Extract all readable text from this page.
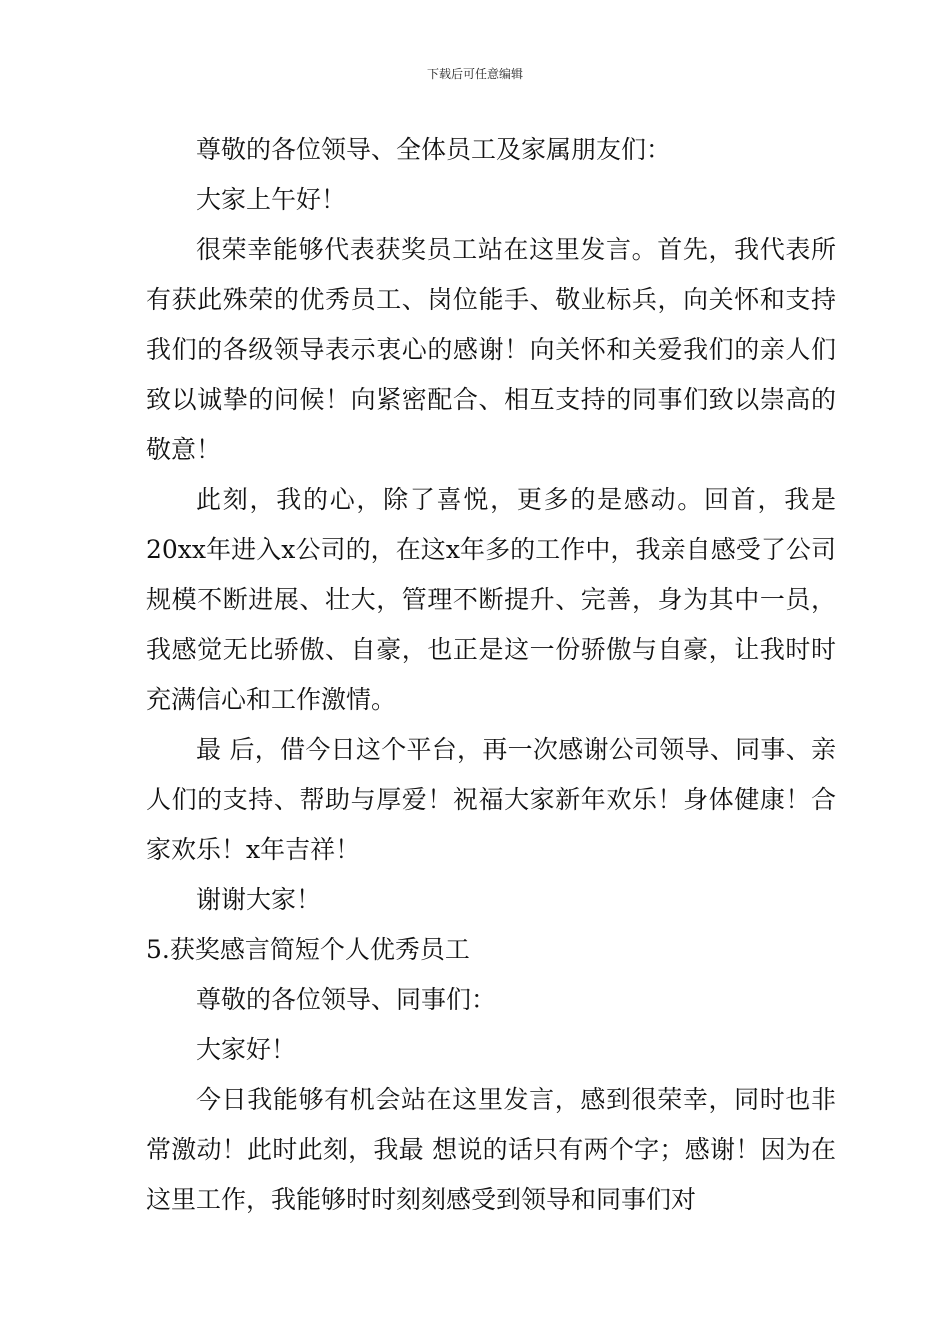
下载后可任意编辑

尊敬的各位领导、全体员工及家属朋友们：

大家上午好！

很荣幸能够代表获奖员工站在这里发言。首先，我代表所有获此殊荣的优秀员工、岗位能手、敬业标兵，向关怀和支持我们的各级领导表示衷心的感谢！向关怀和关爱我们的亲人们致以诚挚的问候！向紧密配合、相互支持的同事们致以崇高的敬意！

此刻，我的心，除了喜悦，更多的是感动。回首，我是20xx年进入x公司的，在这x年多的工作中，我亲自感受了公司规模不断进展、壮大，管理不断提升、完善，身为其中一员，我感觉无比骄傲、自豪，也正是这一份骄傲与自豪，让我时时充满信心和工作激情。

最 后，借今日这个平台，再一次感谢公司领导、同事、亲人们的支持、帮助与厚爱！祝福大家新年欢乐！身体健康！合家欢乐！x年吉祥！

谢谢大家！

5.获奖感言简短个人优秀员工

尊敬的各位领导、同事们：

大家好！

今日我能够有机会站在这里发言，感到很荣幸，同时也非常激动！此时此刻，我最 想说的话只有两个字；感谢！因为在这里工作，我能够时时刻刻感受到领导和同事们对
